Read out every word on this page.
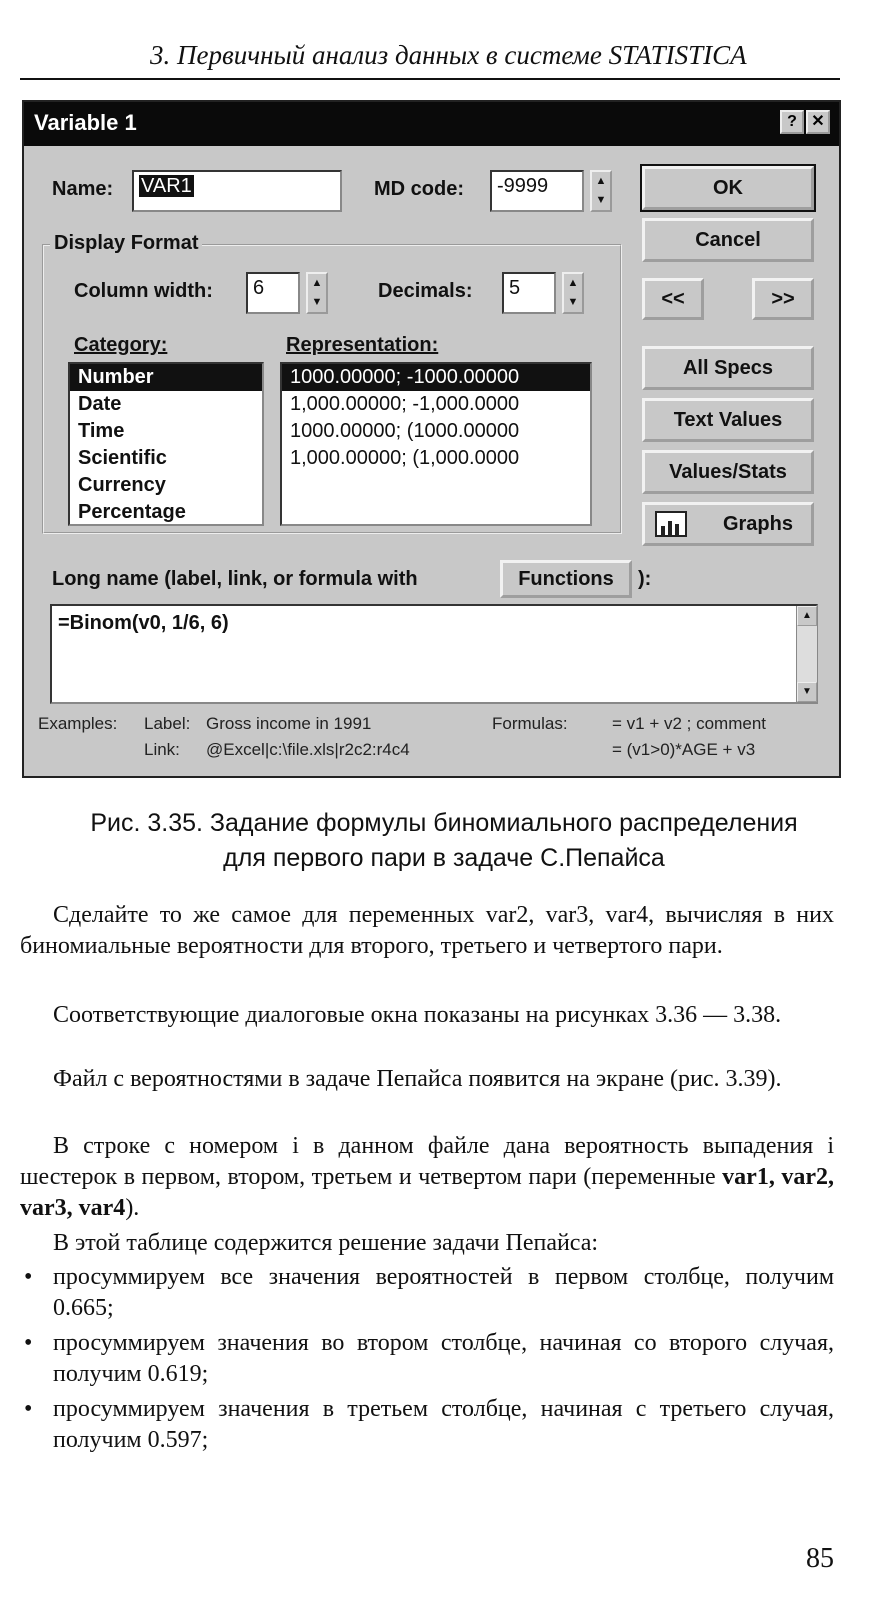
3. Первичный анализ данных в системе STATISTICA
Variable 1	? ✕
Name:	VAR1	MD code:	-9999	▲
▼
Display Format
Column width:	6	▲
▼	Decimals:	5	▲
▼
Category:
Number
Date
Time
Scientific
Currency
Percentage
Representation:
1000.00000; -1000.00000
1,000.00000; -1,000.0000
1000.00000; (1000.00000
1,000.00000; (1,000.0000
OK
Cancel
<<	>>
All Specs
Text Values
Values/Stats
Graphs
Long name (label, link, or formula with	Functions	):
=Binom(v0, 1/6, 6)	▲
▼
Examples: Label: Gross income in 1991
Link: @Excel|c:\file.xls|r2c2:r4c4
Formulas:	= v1 + v2 ; comment
= (v1>0)*AGE + v3
Рис. 3.35. Задание формулы биномиального распределения
для первого пари в задаче С.Пепайса
Сделайте то же самое для переменных var2, var3, var4, вычисляя в них биномиальные вероятности для второго, третьего и четвертого пари.
Соответствующие диалоговые окна показаны на рисунках 3.36 — 3.38.
Файл с вероятностями в задаче Пепайса появится на экране (рис. 3.39).
В строке с номером i в данном файле дана вероятность выпадения i шестерок в первом, втором, третьем и четвертом пари (переменные var1, var2, var3, var4).
В этой таблице содержится решение задачи Пепайса:
• просуммируем все значения вероятностей в первом столбце, получим 0.665;
• просуммируем значения во втором столбце, начиная со второго случая, получим 0.619;
• просуммируем значения в третьем столбце, начиная с третьего случая, получим 0.597;
85
